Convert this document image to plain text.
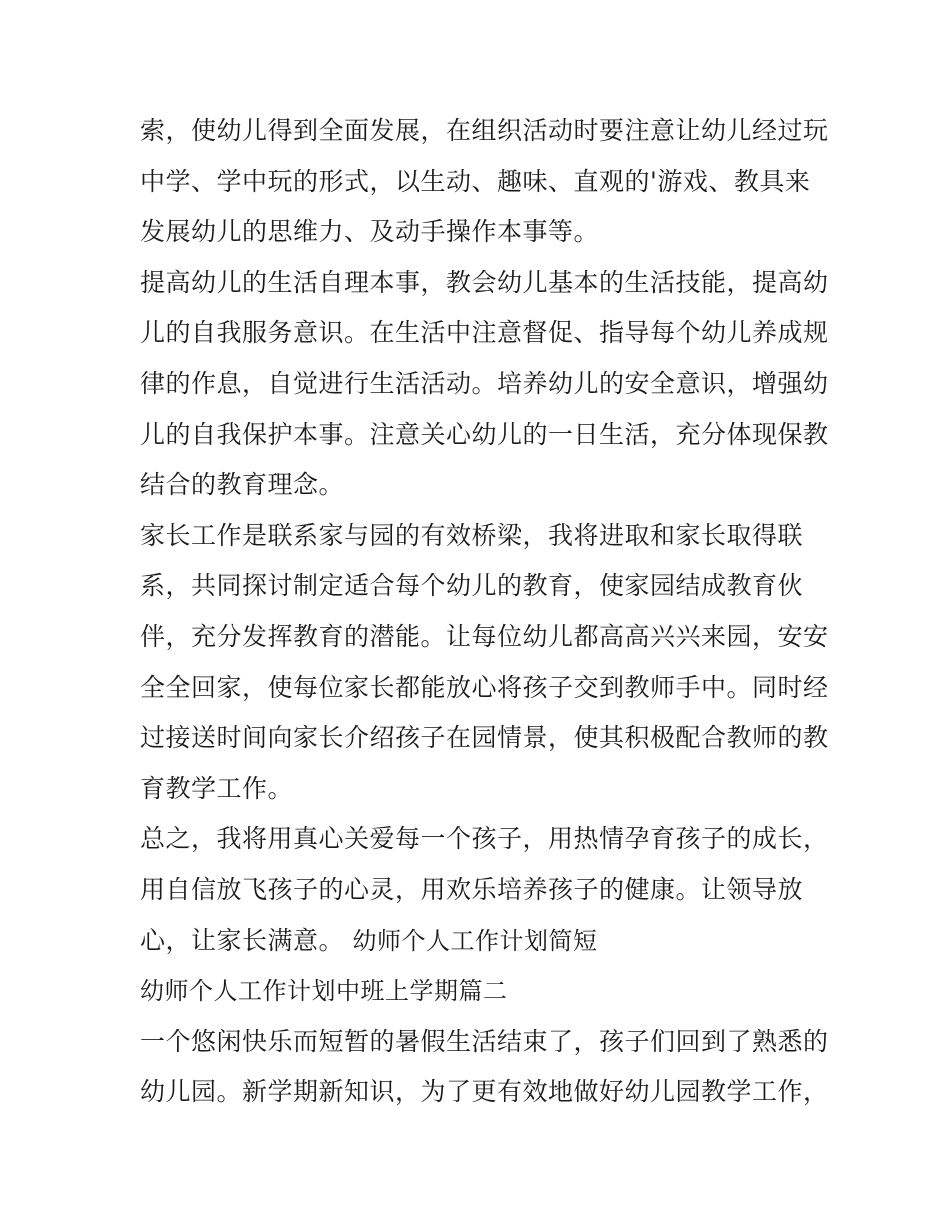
索，使幼儿得到全面发展，在组织活动时要注意让幼儿经过玩
中学、学中玩的形式，以生动、趣味、直观的'游戏、教具来
发展幼儿的思维力、及动手操作本事等。
提高幼儿的生活自理本事，教会幼儿基本的生活技能，提高幼
儿的自我服务意识。在生活中注意督促、指导每个幼儿养成规
律的作息，自觉进行生活活动。培养幼儿的安全意识，增强幼
儿的自我保护本事。注意关心幼儿的一日生活，充分体现保教
结合的教育理念。
家长工作是联系家与园的有效桥梁，我将进取和家长取得联
系，共同探讨制定适合每个幼儿的教育，使家园结成教育伙
伴，充分发挥教育的潜能。让每位幼儿都高高兴兴来园，安安
全全回家，使每位家长都能放心将孩子交到教师手中。同时经
过接送时间向家长介绍孩子在园情景，使其积极配合教师的教
育教学工作。
总之，我将用真心关爱每一个孩子，用热情孕育孩子的成长，
用自信放飞孩子的心灵，用欢乐培养孩子的健康。让领导放
心，让家长满意。 幼师个人工作计划简短
幼师个人工作计划中班上学期篇二
一个悠闲快乐而短暂的暑假生活结束了，孩子们回到了熟悉的
幼儿园。新学期新知识，为了更有效地做好幼儿园教学工作，
